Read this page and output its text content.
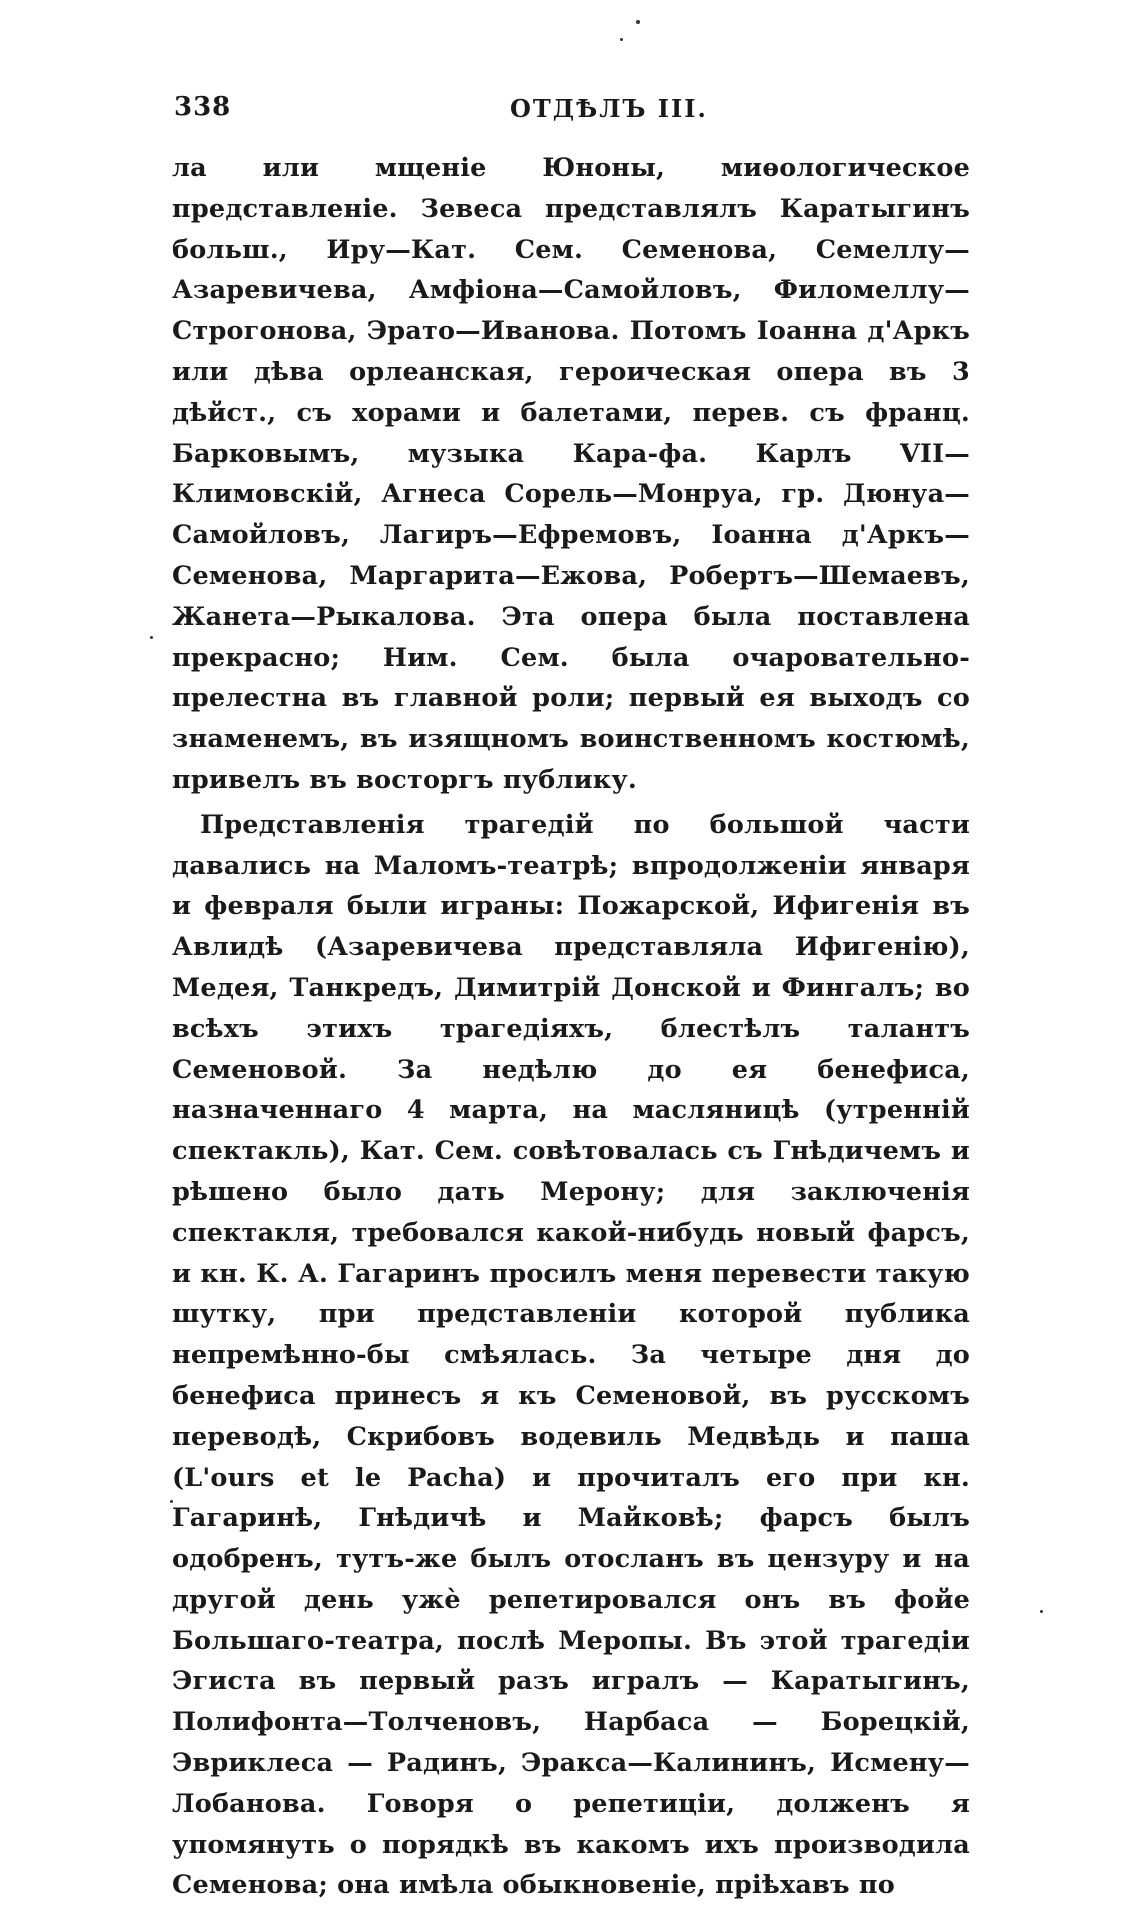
338	ОТДѢЛЪ III.

ла или мщеніе Юноны, миѳологическое представленіе. Зевеса представлялъ Каратыгинъ больш., Иру—Кат. Сем. Семенова, Семеллу—Азаревичева, Амфіона—Самойловъ, Филомеллу—Строгонова, Эрато—Иванова. Потомъ Іоанна д'Аркъ или дѣва орлеанская, героическая опера въ 3 дѣйст., съ хорами и балетами, перев. съ франц. Барковымъ, музыка Кара-фа. Карлъ VII—Климовскій, Агнеса Сорель—Монруа, гр. Дюнуа—Самойловъ, Лагиръ—Ефремовъ, Іоанна д'Аркъ—Семенова, Маргарита—Ежова, Робертъ—Шемаевъ, Жанета—Рыкалова. Эта опера была поставлена прекрасно; Ним. Сем. была очаровательно-прелестна въ главной роли; первый ея выходъ со знаменемъ, въ изящномъ воинственномъ костюмѣ, привелъ въ восторгъ публику.

Представленія трагедій по большой части давались на Маломъ-театрѣ; впродолженіи января и февраля были играны: Пожарской, Ифигенія въ Авлидѣ (Азаревичева представляла Ифигенію), Медея, Танкредъ, Димитрій Донской и Фингалъ; во всѣхъ этихъ трагедіяхъ, блестѣлъ талантъ Семеновой. За недѣлю до ея бенефиса, назначеннаго 4 марта, на масляницѣ (утренній спектакль), Кат. Сем. совѣтовалась съ Гнѣдичемъ и рѣшено было дать Мерону; для заключенія спектакля, требовался какой-нибудь новый фарсъ, и кн. К. А. Гагаринъ просилъ меня перевести такую шутку, при представленіи которой публика непремѣнно-бы смѣялась. За четыре дня до бенефиса принесъ я къ Семеновой, въ русскомъ переводѣ, Скрибовъ водевиль Медвѣдь и паша (L'ours et le Pacha) и прочиталъ его при кн. Гагаринѣ, Гнѣдичѣ и Майковѣ; фарсъ былъ одобренъ, тутъ-же былъ отосланъ въ цензуру и на другой день ужè репетировался онъ въ фойе Большаго-театра, послѣ Меропы. Въ этой трагедіи Эгиста въ первый разъ игралъ — Каратыгинъ, Полифонта—Толченовъ, Нарбаса — Борецкій, Эвриклеса — Радинъ, Эракса—Калининъ, Исмену—Лобанова. Говоря о репетиціи, долженъ я упомянуть о порядкѣ въ какомъ ихъ производила Семенова; она имѣла обыкновеніе, пріѣхавъ по
